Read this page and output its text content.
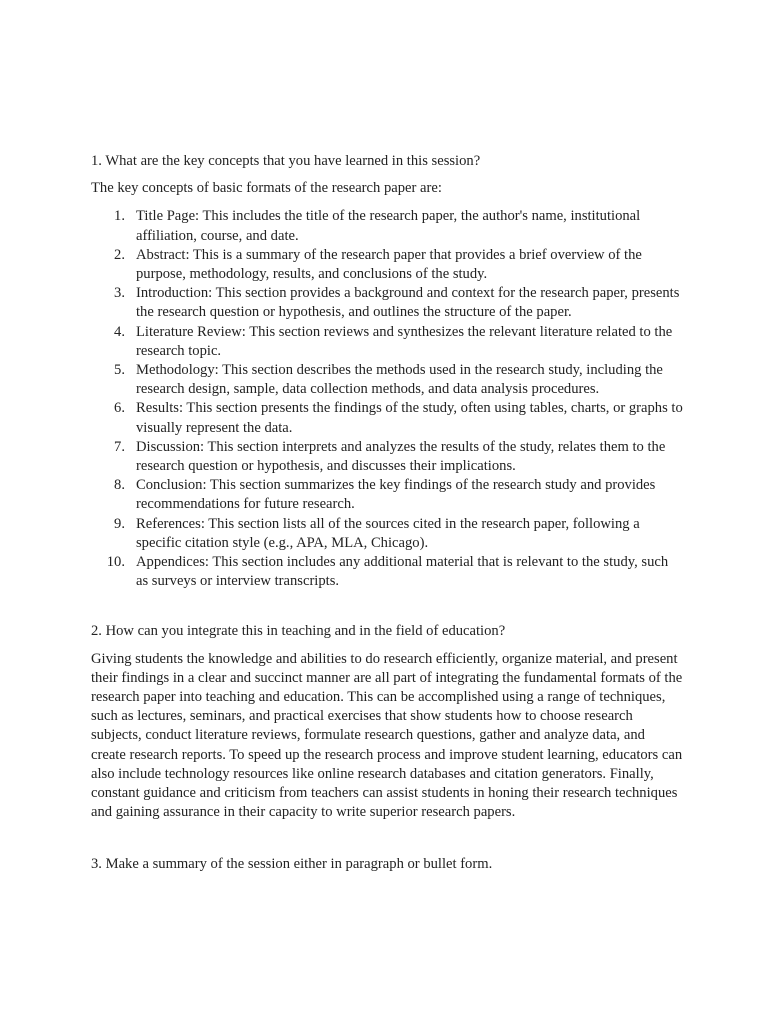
1. What are the key concepts that you have learned in this session?

The key concepts of basic formats of the research paper are:

1. Title Page: This includes the title of the research paper, the author's name, institutional affiliation, course, and date.
2. Abstract: This is a summary of the research paper that provides a brief overview of the purpose, methodology, results, and conclusions of the study.
3. Introduction: This section provides a background and context for the research paper, presents the research question or hypothesis, and outlines the structure of the paper.
4. Literature Review: This section reviews and synthesizes the relevant literature related to the research topic.
5. Methodology: This section describes the methods used in the research study, including the research design, sample, data collection methods, and data analysis procedures.
6. Results: This section presents the findings of the study, often using tables, charts, or graphs to visually represent the data.
7. Discussion: This section interprets and analyzes the results of the study, relates them to the research question or hypothesis, and discusses their implications.
8. Conclusion: This section summarizes the key findings of the research study and provides recommendations for future research.
9. References: This section lists all of the sources cited in the research paper, following a specific citation style (e.g., APA, MLA, Chicago).
10. Appendices: This section includes any additional material that is relevant to the study, such as surveys or interview transcripts.

2. How can you integrate this in teaching and in the field of education?

Giving students the knowledge and abilities to do research efficiently, organize material, and present their findings in a clear and succinct manner are all part of integrating the fundamental formats of the research paper into teaching and education. This can be accomplished using a range of techniques, such as lectures, seminars, and practical exercises that show students how to choose research subjects, conduct literature reviews, formulate research questions, gather and analyze data, and create research reports. To speed up the research process and improve student learning, educators can also include technology resources like online research databases and citation generators. Finally, constant guidance and criticism from teachers can assist students in honing their research techniques and gaining assurance in their capacity to write superior research papers.

3. Make a summary of the session either in paragraph or bullet form.
